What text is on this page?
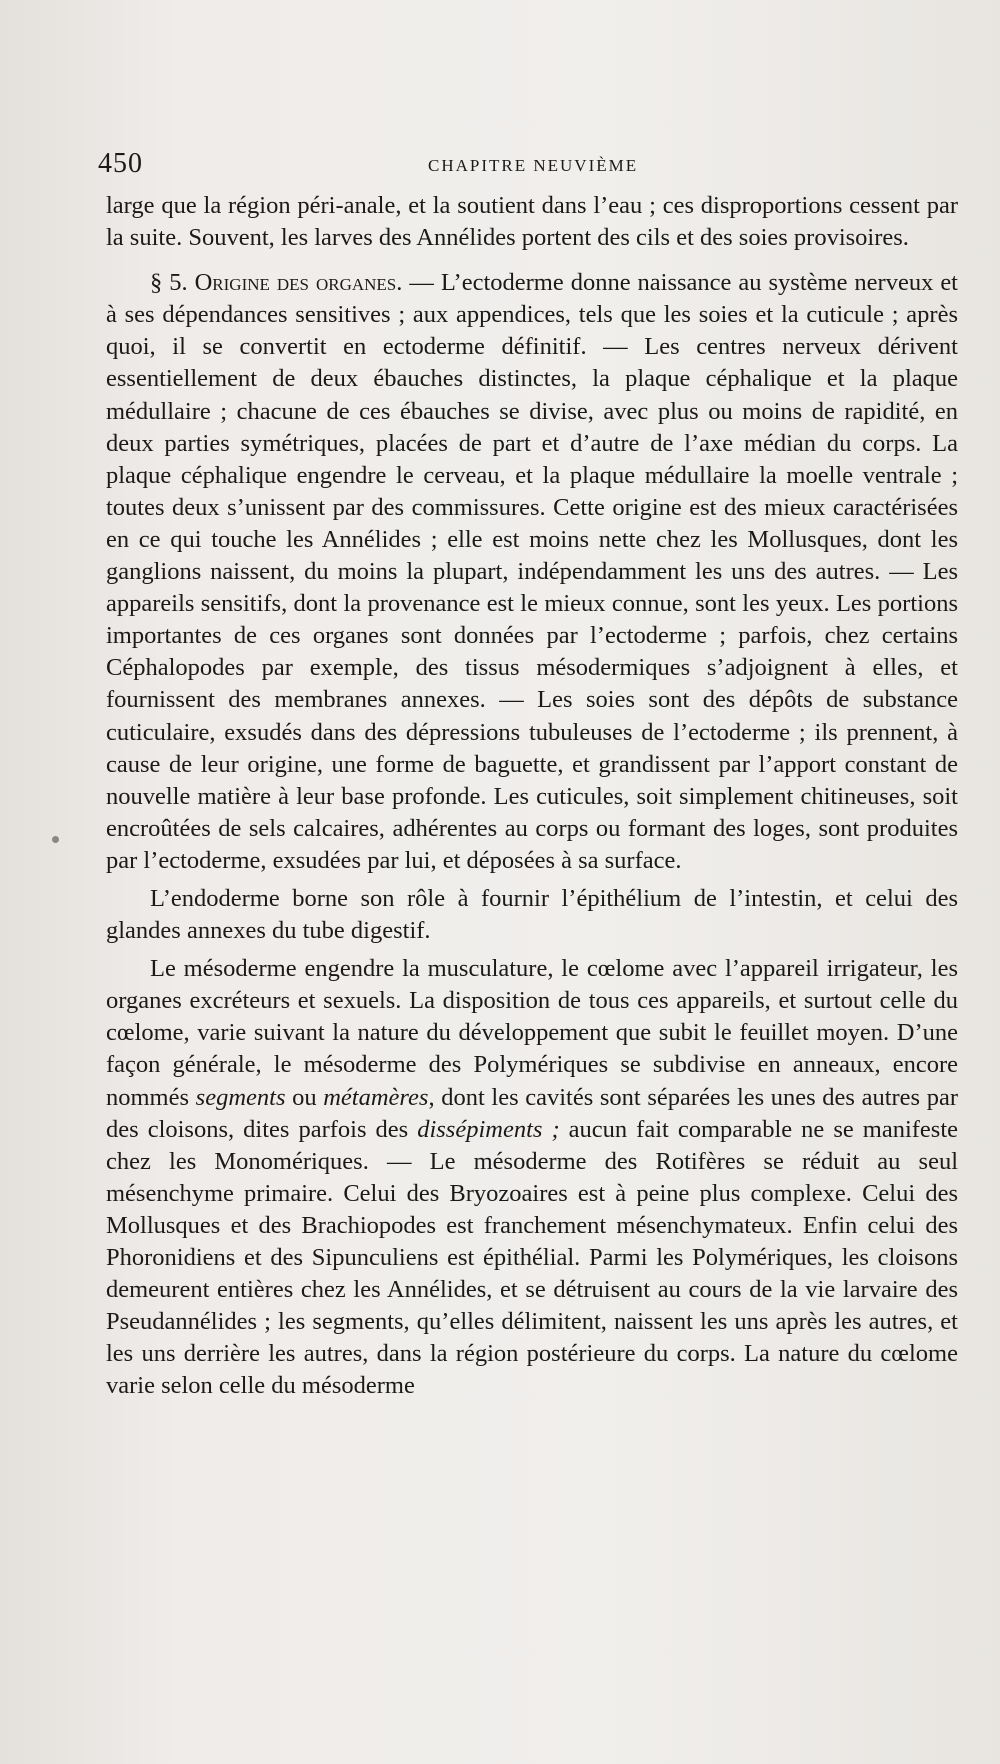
450	CHAPITRE NEUVIÈME

large que la région péri-anale, et la soutient dans l’eau ; ces disproportions cessent par la suite. Souvent, les larves des Annélides portent des cils et des soies provisoires.

§ 5. Origine des organes. — L’ectoderme donne naissance au système nerveux et à ses dépendances sensitives ; aux appendices, tels que les soies et la cuticule ; après quoi, il se convertit en ectoderme définitif. — Les centres nerveux dérivent essentiellement de deux ébauches distinctes, la plaque céphalique et la plaque médullaire ; chacune de ces ébauches se divise, avec plus ou moins de rapidité, en deux parties symétriques, placées de part et d’autre de l’axe médian du corps. La plaque céphalique engendre le cerveau, et la plaque médullaire la moelle ventrale ; toutes deux s’unissent par des commissures. Cette origine est des mieux caractérisées en ce qui touche les Annélides ; elle est moins nette chez les Mollusques, dont les ganglions naissent, du moins la plupart, indépendamment les uns des autres. — Les appareils sensitifs, dont la provenance est le mieux connue, sont les yeux. Les portions importantes de ces organes sont données par l’ectoderme ; parfois, chez certains Céphalopodes par exemple, des tissus mésodermiques s’adjoignent à elles, et fournissent des membranes annexes. — Les soies sont des dépôts de substance cuticulaire, exsudés dans des dépressions tubuleuses de l’ectoderme ; ils prennent, à cause de leur origine, une forme de baguette, et grandissent par l’apport constant de nouvelle matière à leur base profonde. Les cuticules, soit simplement chitineuses, soit encroûtées de sels calcaires, adhérentes au corps ou formant des loges, sont produites par l’ectoderme, exsudées par lui, et déposées à sa surface.

L’endoderme borne son rôle à fournir l’épithélium de l’intestin, et celui des glandes annexes du tube digestif.

Le mésoderme engendre la musculature, le cœlome avec l’appareil irrigateur, les organes excréteurs et sexuels. La disposition de tous ces appareils, et surtout celle du cœlome, varie suivant la nature du développement que subit le feuillet moyen. D’une façon générale, le mésoderme des Polymériques se subdivise en anneaux, encore nommés segments ou métamères, dont les cavités sont séparées les unes des autres par des cloisons, dites parfois des dissépiments ; aucun fait comparable ne se manifeste chez les Monomériques. — Le mésoderme des Rotifères se réduit au seul mésenchyme primaire. Celui des Bryozoaires est à peine plus complexe. Celui des Mollusques et des Brachiopodes est franchement mésenchymateux. Enfin celui des Phoronidiens et des Sipunculiens est épithélial. Parmi les Polymériques, les cloisons demeurent entières chez les Annélides, et se détruisent au cours de la vie larvaire des Pseudannélides ; les segments, qu’elles délimitent, naissent les uns après les autres, et les uns derrière les autres, dans la région postérieure du corps. La nature du cœlome varie selon celle du mésoderme
